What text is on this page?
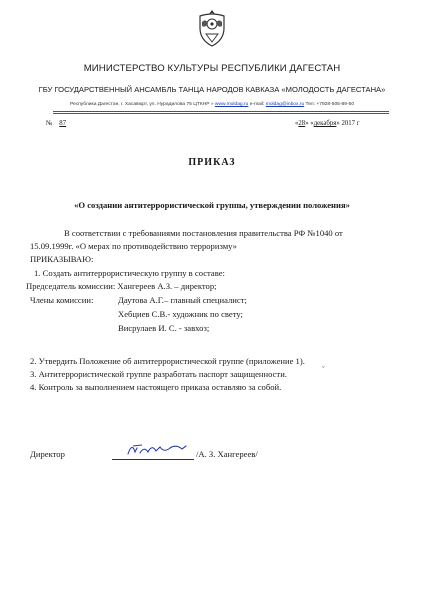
МИНИСТЕРСТВО КУЛЬТУРЫ РЕСПУБЛИКИ ДАГЕСТАН
ГБУ ГОСУДАРСТВЕННЫЙ АНСАМБЛЬ ТАНЦА НАРОДОВ КАВКАЗА «МОЛОДОСТЬ ДАГЕСТАНА»
Республика Дагестан, г. Хасавюрт, ул. Нурадилова 75 ЦТКНР » www.moldag.ru e-mail: moldag@inbox.ru Тел: +7928-505-89-50
№ 87	«28» «декабря» 2017 г
ПРИКАЗ
«О создании антитеррористической группы, утверждении положения»
В соответствии с требованиями постановления правительства РФ №1040 от
15.09.1999г. «О мерах по противодействию терроризму»
ПРИКАЗЫВАЮ:
1. Создать антитеррористическую группу в составе:
Председатель комиссии: Хангереев А.З. – директор;
Члены комиссии:	Даутова А.Г.– главный специалист;
Хебциев С.В.- художник по свету;
Висрулаев И. С. - завхоз;
2. Утвердить Положение об антитеррористической группе (приложение 1).
3. Антитеррористической группе разработать паспорт защищенности.
4. Контроль за выполнением настоящего приказа оставляю за собой.
ˇ
Директор	/А. З. Хангереев/
